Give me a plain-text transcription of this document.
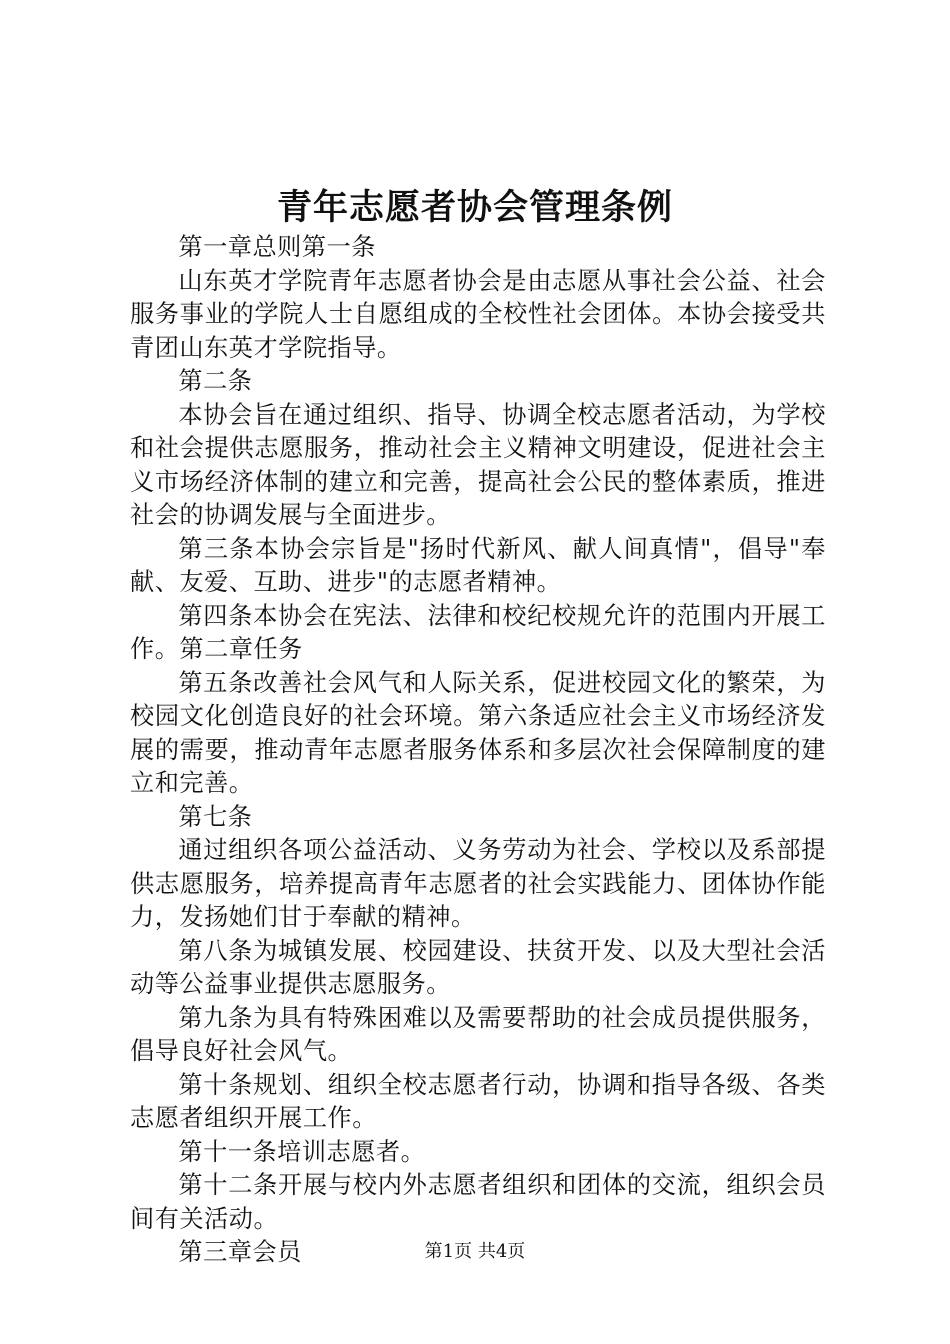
青年志愿者协会管理条例

第一章总则第一条

山东英才学院青年志愿者协会是由志愿从事社会公益、社会服务事业的学院人士自愿组成的全校性社会团体。本协会接受共青团山东英才学院指导。

第二条

本协会旨在通过组织、指导、协调全校志愿者活动，为学校和社会提供志愿服务，推动社会主义精神文明建设，促进社会主义市场经济体制的建立和完善，提高社会公民的整体素质，推进社会的协调发展与全面进步。

第三条本协会宗旨是"扬时代新风、献人间真情"，倡导"奉献、友爱、互助、进步"的志愿者精神。

第四条本协会在宪法、法律和校纪校规允许的范围内开展工作。第二章任务

第五条改善社会风气和人际关系，促进校园文化的繁荣，为校园文化创造良好的社会环境。第六条适应社会主义市场经济发展的需要，推动青年志愿者服务体系和多层次社会保障制度的建立和完善。

第七条

通过组织各项公益活动、义务劳动为社会、学校以及系部提供志愿服务，培养提高青年志愿者的社会实践能力、团体协作能力，发扬她们甘于奉献的精神。

第八条为城镇发展、校园建设、扶贫开发、以及大型社会活动等公益事业提供志愿服务。

第九条为具有特殊困难以及需要帮助的社会成员提供服务，倡导良好社会风气。

第十条规划、组织全校志愿者行动，协调和指导各级、各类志愿者组织开展工作。

第十一条培训志愿者。

第十二条开展与校内外志愿者组织和团体的交流，组织会员间有关活动。

第三章会员	第1页 共4页
